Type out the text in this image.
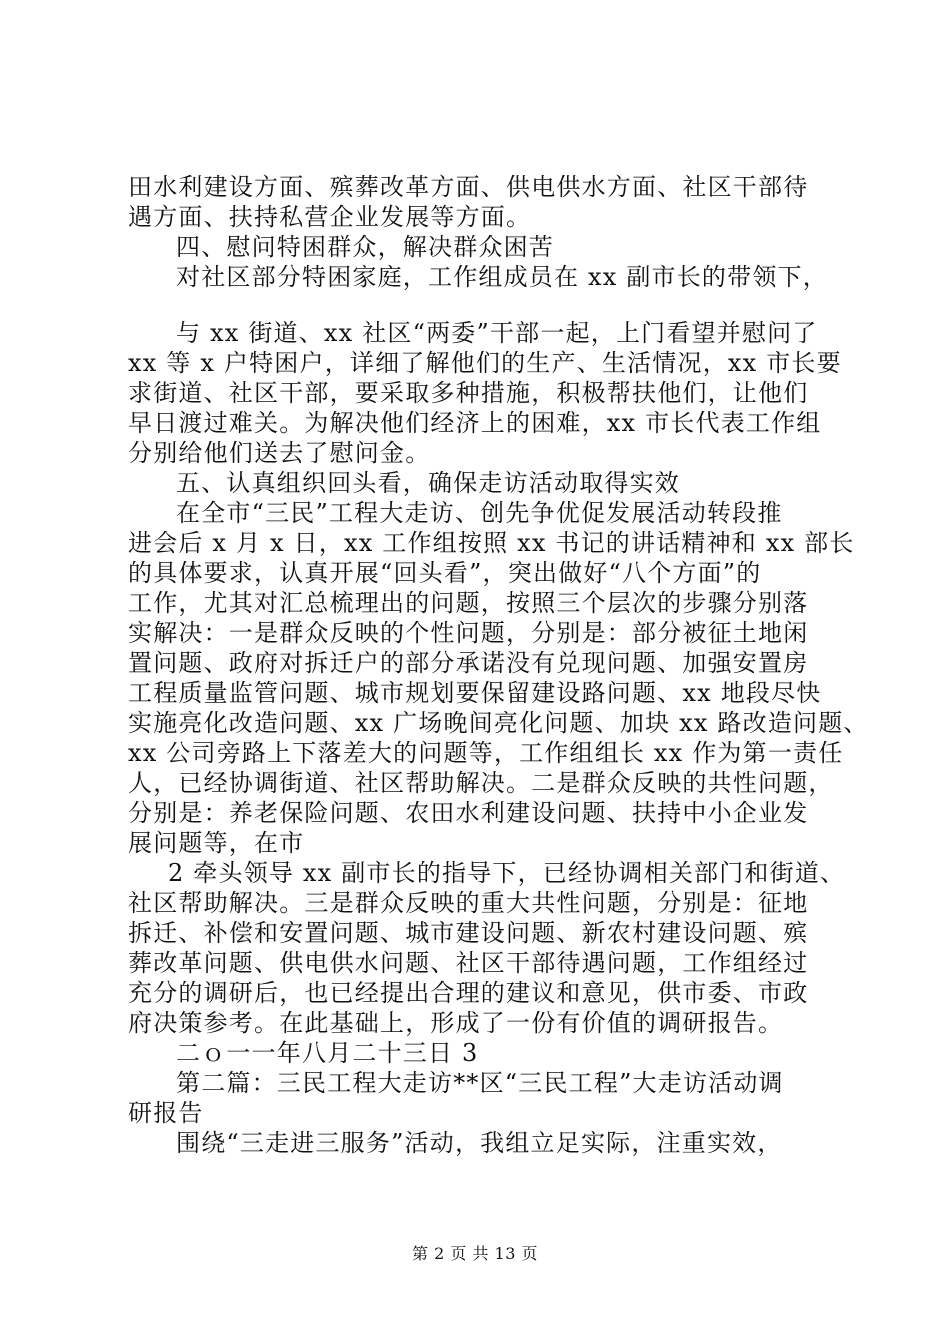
田水利建设方面、殡葬改革方面、供电供水方面、社区干部待
遇方面、扶持私营企业发展等方面。
四、慰问特困群众，解决群众困苦
对社区部分特困家庭，工作组成员在 xx 副市长的带领下，
与 xx 街道、xx 社区“两委”干部一起，上门看望并慰问了
xx 等 x 户特困户，详细了解他们的生产、生活情况，xx 市长要
求街道、社区干部，要采取多种措施，积极帮扶他们，让他们
早日渡过难关。为解决他们经济上的困难，xx 市长代表工作组
分别给他们送去了慰问金。
五、认真组织回头看，确保走访活动取得实效
在全市“三民”工程大走访、创先争优促发展活动转段推
进会后 x 月 x 日，xx 工作组按照 xx 书记的讲话精神和 xx 部长
的具体要求，认真开展“回头看”，突出做好“八个方面”的
工作，尤其对汇总梳理出的问题，按照三个层次的步骤分别落
实解决：一是群众反映的个性问题，分别是：部分被征土地闲
置问题、政府对拆迁户的部分承诺没有兑现问题、加强安置房
工程质量监管问题、城市规划要保留建设路问题、xx 地段尽快
实施亮化改造问题、xx 广场晚间亮化问题、加块 xx 路改造问题、
xx 公司旁路上下落差大的问题等，工作组组长 xx 作为第一责任
人，已经协调街道、社区帮助解决。二是群众反映的共性问题，
分别是：养老保险问题、农田水利建设问题、扶持中小企业发
展问题等，在市
2 牵头领导 xx 副市长的指导下，已经协调相关部门和街道、
社区帮助解决。三是群众反映的重大共性问题，分别是：征地
拆迁、补偿和安置问题、城市建设问题、新农村建设问题、殡
葬改革问题、供电供水问题、社区干部待遇问题，工作组经过
充分的调研后，也已经提出合理的建议和意见，供市委、市政
府决策参考。在此基础上，形成了一份有价值的调研报告。
二ｏ一一年八月二十三日 3
第二篇：三民工程大走访**区“三民工程”大走访活动调
研报告
围绕“三走进三服务”活动，我组立足实际，注重实效，
第 2 页 共 13 页
